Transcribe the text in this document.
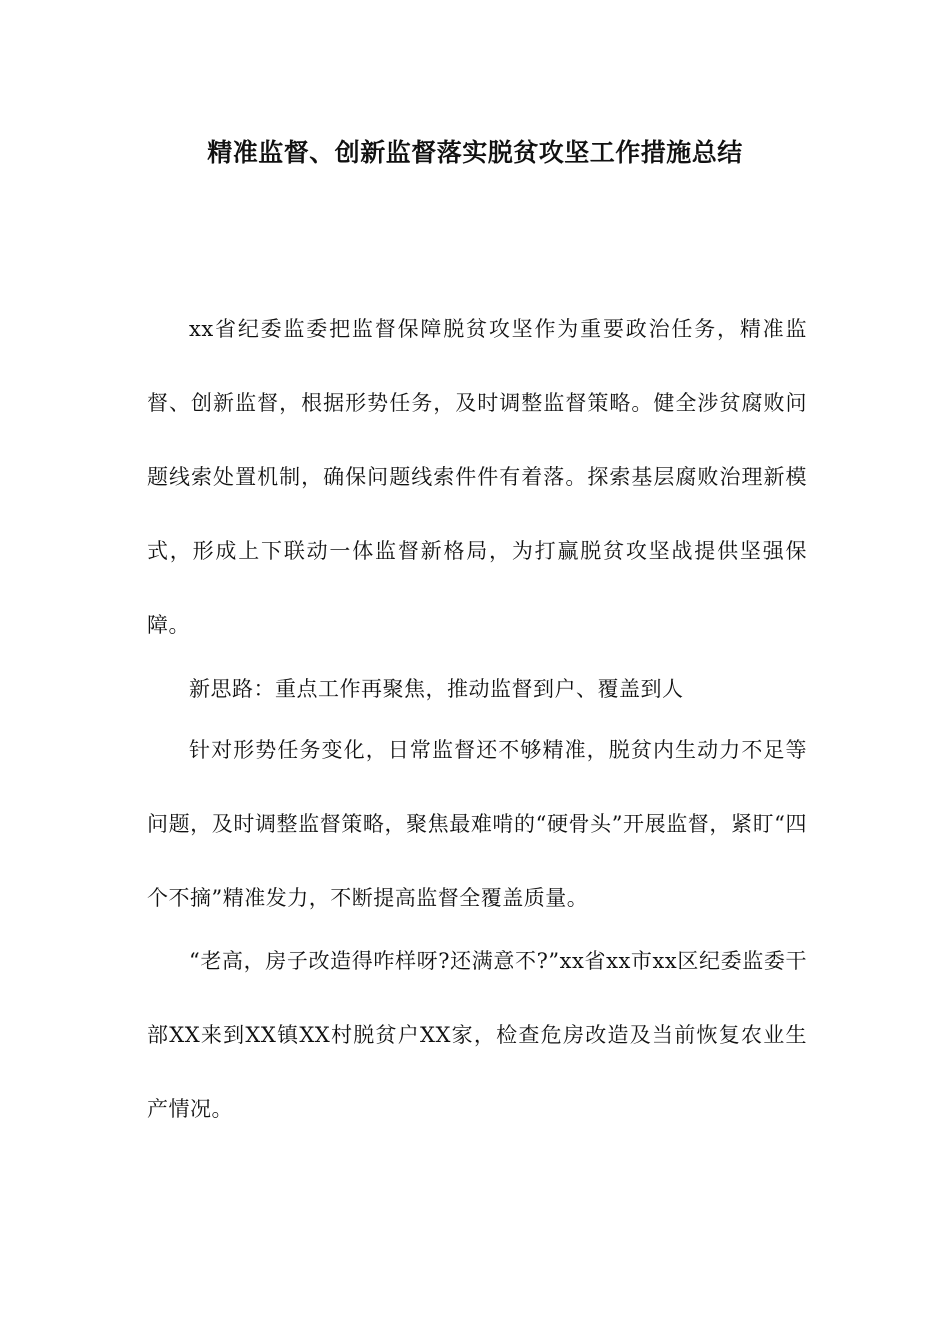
精准监督、创新监督落实脱贫攻坚工作措施总结

xx省纪委监委把监督保障脱贫攻坚作为重要政治任务，精准监督、创新监督，根据形势任务，及时调整监督策略。健全涉贫腐败问题线索处置机制，确保问题线索件件有着落。探索基层腐败治理新模式，形成上下联动一体监督新格局，为打赢脱贫攻坚战提供坚强保障。

新思路：重点工作再聚焦，推动监督到户、覆盖到人

针对形势任务变化，日常监督还不够精准，脱贫内生动力不足等问题，及时调整监督策略，聚焦最难啃的“硬骨头”开展监督，紧盯“四个不摘”精准发力，不断提高监督全覆盖质量。

“老高，房子改造得咋样呀?还满意不?”xx省xx市xx区纪委监委干部XX来到XX镇XX村脱贫户XX家，检查危房改造及当前恢复农业生产情况。
